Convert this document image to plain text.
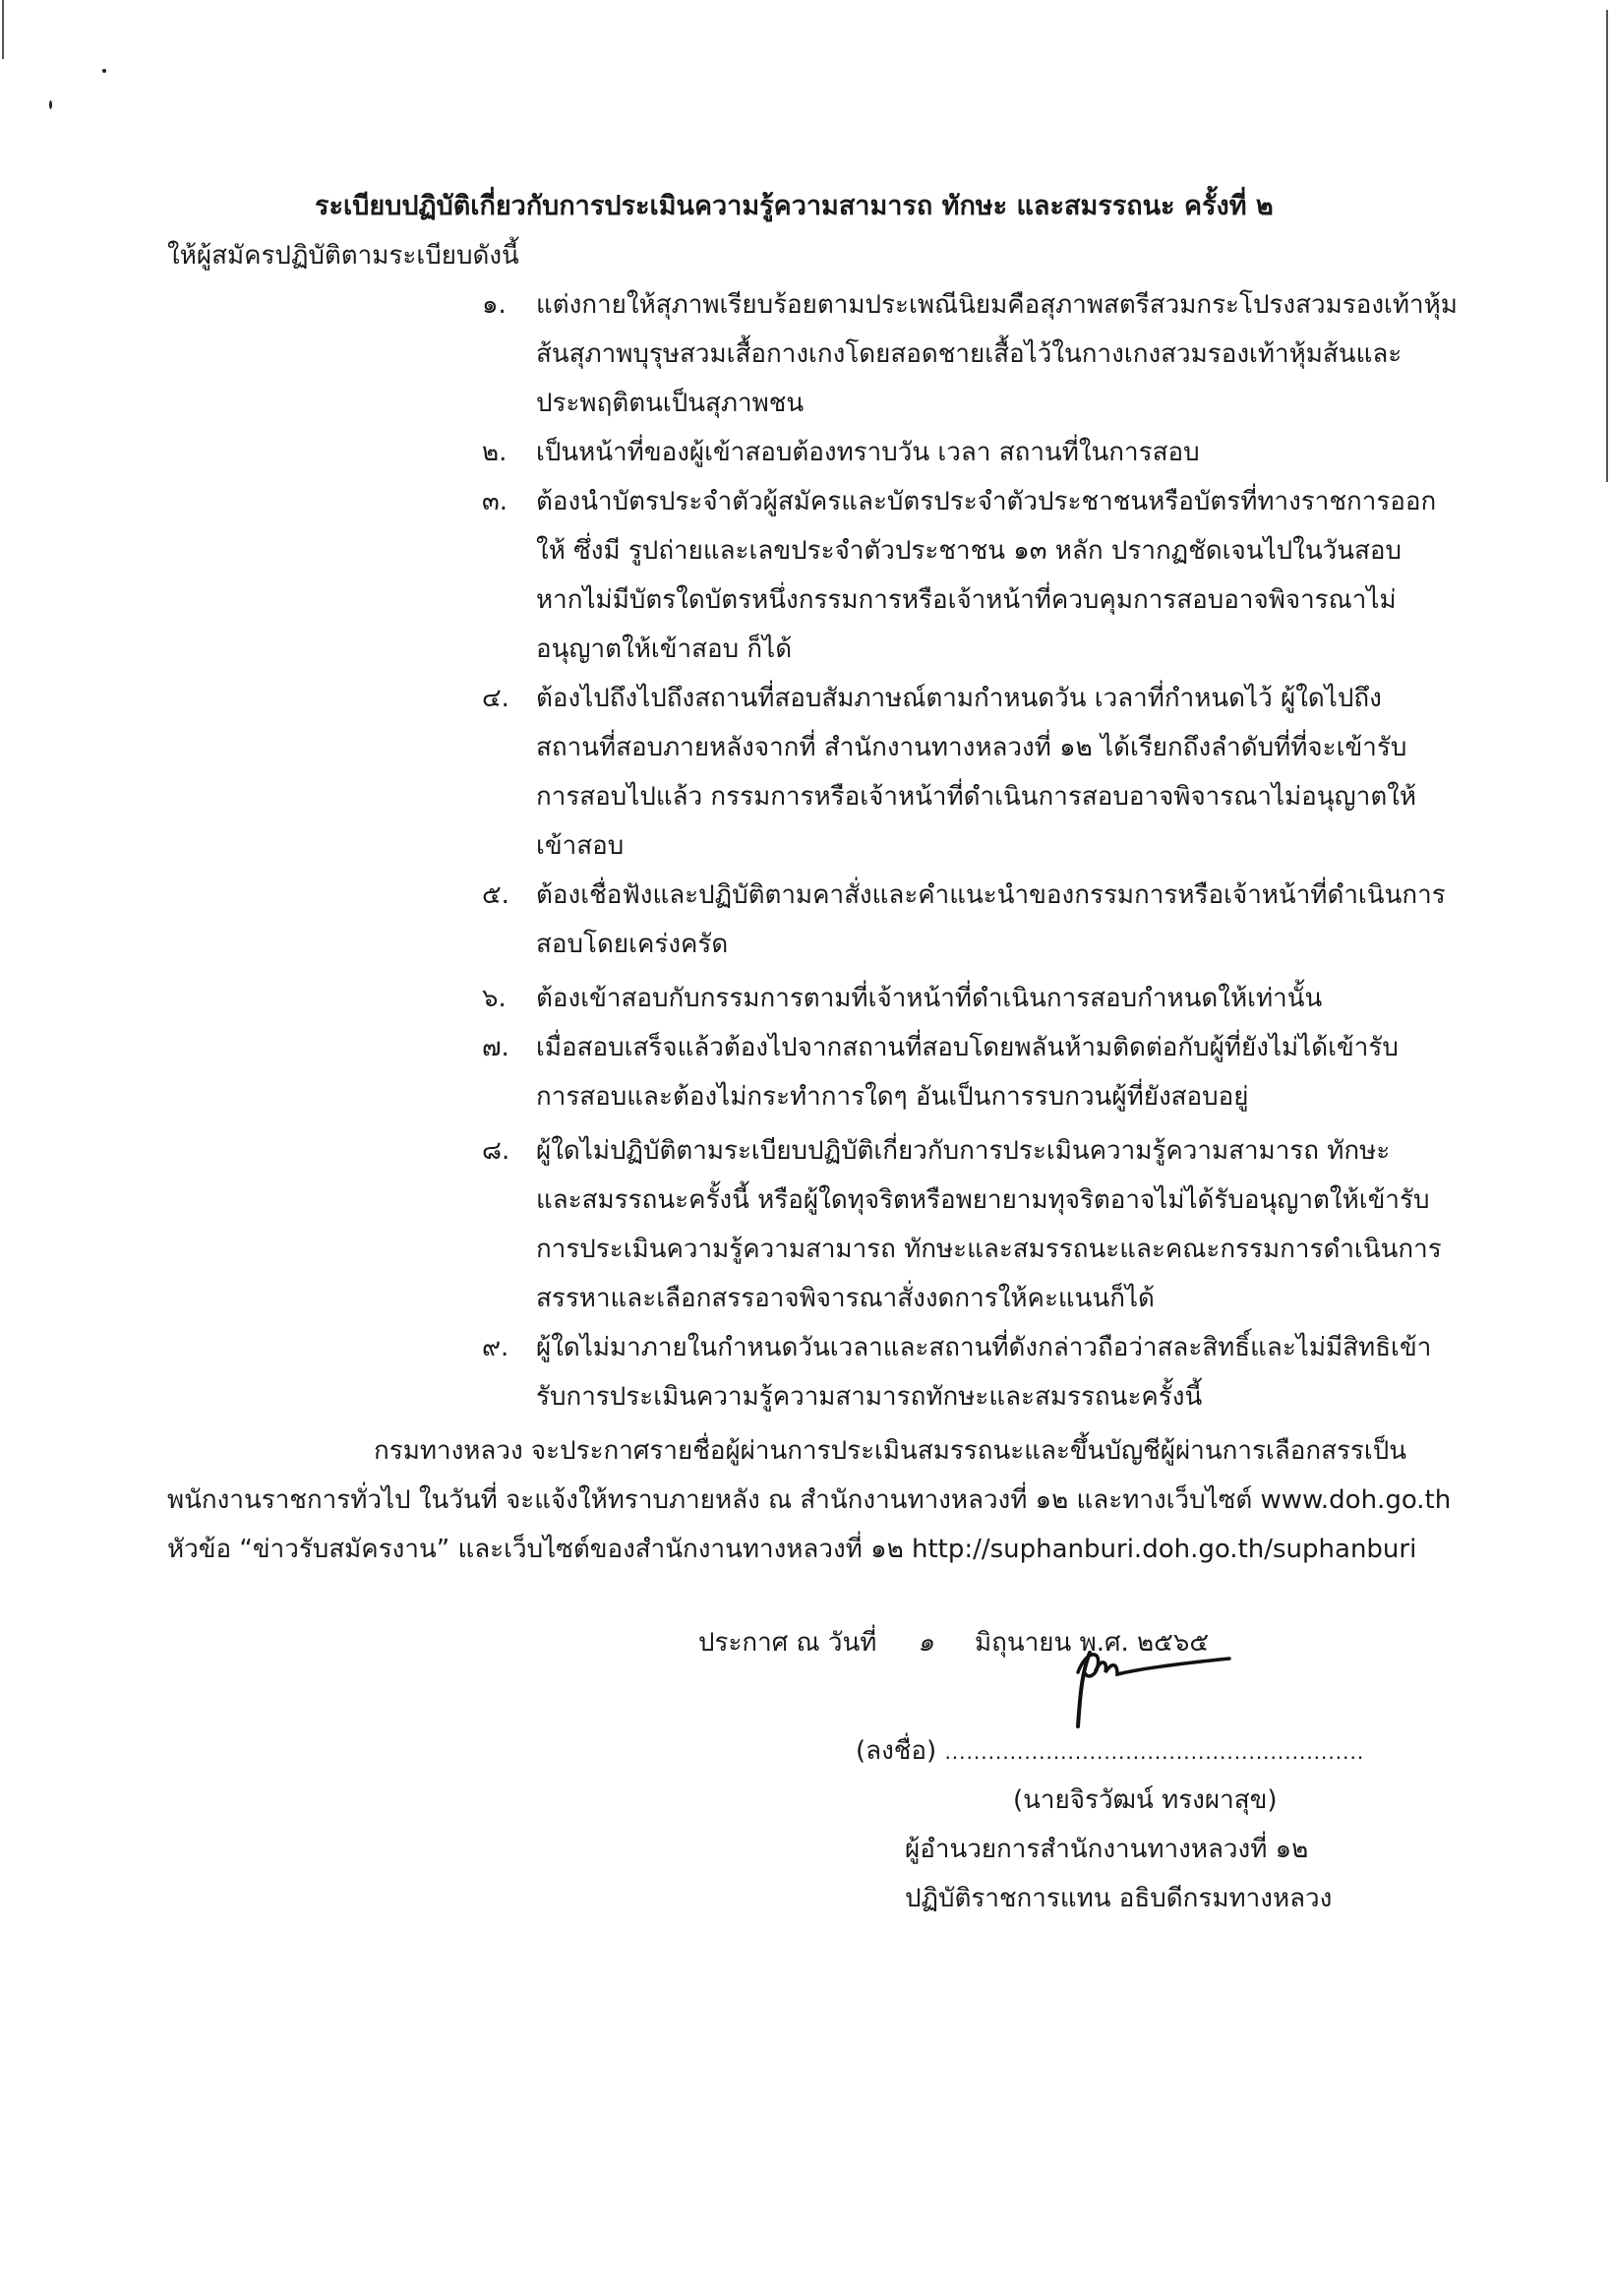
ระเบียบปฏิบัติเกี่ยวกับการประเมินความรู้ความสามารถ ทักษะ และสมรรถนะ ครั้งที่ ๒
ให้ผู้สมัครปฏิบัติตามระเบียบดังนี้
๑. แต่งกายให้สุภาพเรียบร้อยตามประเพณีนิยมคือสุภาพสตรีสวมกระโปรงสวมรองเท้าหุ้ม
ส้นสุภาพบุรุษสวมเสื้อกางเกงโดยสอดชายเสื้อไว้ในกางเกงสวมรองเท้าหุ้มส้นและ
ประพฤติตนเป็นสุภาพชน
๒. เป็นหน้าที่ของผู้เข้าสอบต้องทราบวัน เวลา สถานที่ในการสอบ
๓. ต้องนำบัตรประจำตัวผู้สมัครและบัตรประจำตัวประชาชนหรือบัตรที่ทางราชการออก
ให้ ซึ่งมี รูปถ่ายและเลขประจำตัวประชาชน ๑๓ หลัก ปรากฏชัดเจนไปในวันสอบ
หากไม่มีบัตรใดบัตรหนึ่งกรรมการหรือเจ้าหน้าที่ควบคุมการสอบอาจพิจารณาไม่
อนุญาตให้เข้าสอบ ก็ได้
๔. ต้องไปถึงไปถึงสถานที่สอบสัมภาษณ์ตามกำหนดวัน เวลาที่กำหนดไว้ ผู้ใดไปถึง
สถานที่สอบภายหลังจากที่ สำนักงานทางหลวงที่ ๑๒ ได้เรียกถึงลำดับที่ที่จะเข้ารับ
การสอบไปแล้ว กรรมการหรือเจ้าหน้าที่ดำเนินการสอบอาจพิจารณาไม่อนุญาตให้
เข้าสอบ
๕. ต้องเชื่อฟังและปฏิบัติตามคาสั่งและคำแนะนำของกรรมการหรือเจ้าหน้าที่ดำเนินการ
สอบโดยเคร่งครัด
๖. ต้องเข้าสอบกับกรรมการตามที่เจ้าหน้าที่ดำเนินการสอบกำหนดให้เท่านั้น
๗. เมื่อสอบเสร็จแล้วต้องไปจากสถานที่สอบโดยพลันห้ามติดต่อกับผู้ที่ยังไม่ได้เข้ารับ
การสอบและต้องไม่กระทำการใดๆ อันเป็นการรบกวนผู้ที่ยังสอบอยู่
๘. ผู้ใดไม่ปฏิบัติตามระเบียบปฏิบัติเกี่ยวกับการประเมินความรู้ความสามารถ ทักษะ
และสมรรถนะครั้งนี้ หรือผู้ใดทุจริตหรือพยายามทุจริตอาจไม่ได้รับอนุญาตให้เข้ารับ
การประเมินความรู้ความสามารถ ทักษะและสมรรถนะและคณะกรรมการดำเนินการ
สรรหาและเลือกสรรอาจพิจารณาสั่งงดการให้คะแนนก็ได้
๙. ผู้ใดไม่มาภายในกำหนดวันเวลาและสถานที่ดังกล่าวถือว่าสละสิทธิ์และไม่มีสิทธิเข้า
รับการประเมินความรู้ความสามารถทักษะและสมรรถนะครั้งนี้
กรมทางหลวง จะประกาศรายชื่อผู้ผ่านการประเมินสมรรถนะและขึ้นบัญชีผู้ผ่านการเลือกสรรเป็น
พนักงานราชการทั่วไป ในวันที่ จะแจ้งให้ทราบภายหลัง ณ สำนักงานทางหลวงที่ ๑๒ และทางเว็บไซต์ www.doh.go.th
หัวข้อ “ข่าวรับสมัครงาน” และเว็บไซต์ของสำนักงานทางหลวงที่ ๑๒ http://suphanburi.doh.go.th/suphanburi
ประกาศ ณ วันที่ ๑ มิถุนายน พ.ศ. ๒๕๖๕
(ลงชื่อ) ..........................................................
(นายจิรวัฒน์ ทรงผาสุข)
ผู้อำนวยการสำนักงานทางหลวงที่ ๑๒
ปฏิบัติราชการแทน อธิบดีกรมทางหลวง
